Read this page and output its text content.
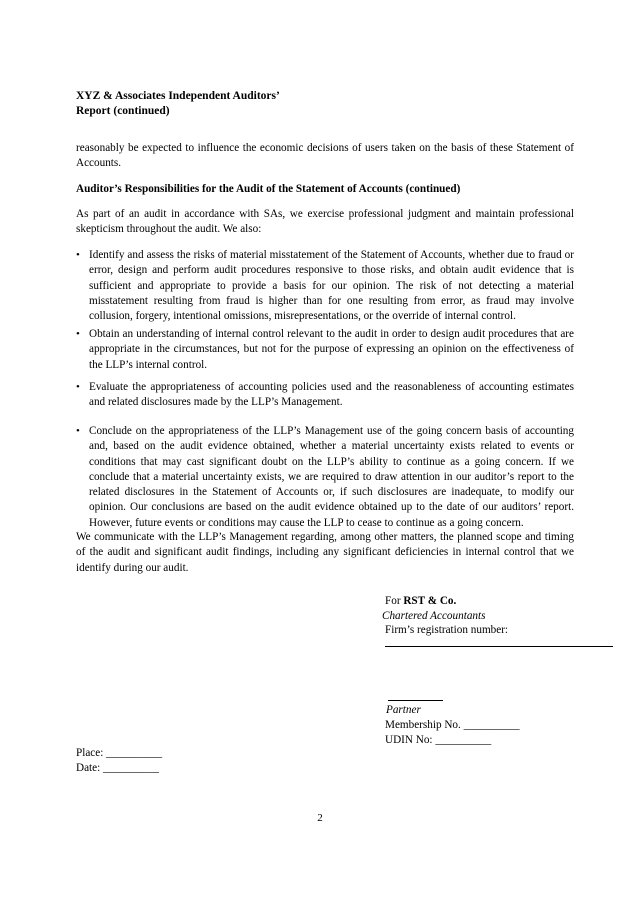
XYZ & Associates Independent Auditors’
Report (continued)
reasonably be expected to influence the economic decisions of users taken on the basis of these Statement of Accounts.
Auditor’s Responsibilities for the Audit of the Statement of Accounts (continued)
As part of an audit in accordance with SAs, we exercise professional judgment and maintain professional skepticism throughout the audit. We also:
• Identify and assess the risks of material misstatement of the Statement of Accounts, whether due to fraud or error, design and perform audit procedures responsive to those risks, and obtain audit evidence that is sufficient and appropriate to provide a basis for our opinion. The risk of not detecting a material misstatement resulting from fraud is higher than for one resulting from error, as fraud may involve collusion, forgery, intentional omissions, misrepresentations, or the override of internal control.
• Obtain an understanding of internal control relevant to the audit in order to design audit procedures that are appropriate in the circumstances, but not for the purpose of expressing an opinion on the effectiveness of the LLP’s internal control.
• Evaluate the appropriateness of accounting policies used and the reasonableness of accounting estimates and related disclosures made by the LLP’s Management.
• Conclude on the appropriateness of the LLP’s Management use of the going concern basis of accounting and, based on the audit evidence obtained, whether a material uncertainty exists related to events or conditions that may cast significant doubt on the LLP’s ability to continue as a going concern. If we conclude that a material uncertainty exists, we are required to draw attention in our auditor’s report to the related disclosures in the Statement of Accounts or, if such disclosures are inadequate, to modify our opinion. Our conclusions are based on the audit evidence obtained up to the date of our auditors’ report. However, future events or conditions may cause the LLP to cease to continue as a going concern.
We communicate with the LLP’s Management regarding, among other matters, the planned scope and timing of the audit and significant audit findings, including any significant deficiencies in internal control that we identify during our audit.
For RST & Co.
Chartered Accountants
Firm’s registration number:
Partner
Membership No. __________
UDIN No: __________
Place: __________
Date: __________
2
